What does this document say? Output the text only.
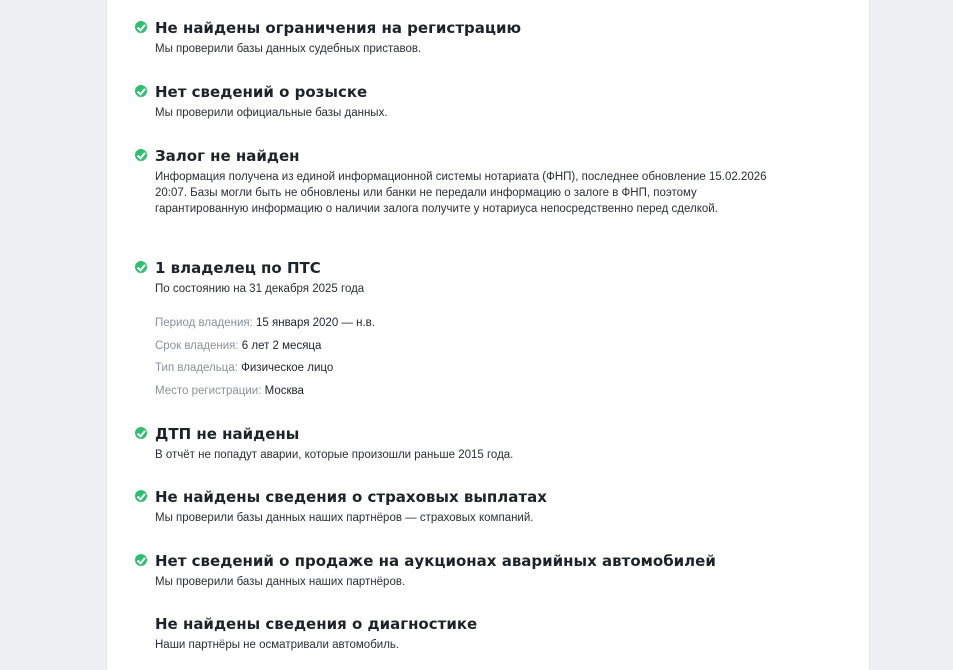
Не найдены ограничения на регистрацию
Мы проверили базы данных судебных приставов.
Нет сведений о розыске
Мы проверили официальные базы данных.
Залог не найден
Информация получена из единой информационной системы нотариата (ФНП), последнее обновление 15.02.2026 20:07. Базы могли быть не обновлены или банки не передали информацию о залоге в ФНП, поэтому гарантированную информацию о наличии залога получите у нотариуса непосредственно перед сделкой.
1 владелец по ПТС
По состоянию на 31 декабря 2025 года
Период владения: 15 января 2020 — н.в.
Срок владения: 6 лет 2 месяца
Тип владельца: Физическое лицо
Место регистрации: Москва
ДТП не найдены
В отчёт не попадут аварии, которые произошли раньше 2015 года.
Не найдены сведения о страховых выплатах
Мы проверили базы данных наших партнёров — страховых компаний.
Нет сведений о продаже на аукционах аварийных автомобилей
Мы проверили базы данных наших партнёров.
Не найдены сведения о диагностике
Наши партнёры не осматривали автомобиль.
